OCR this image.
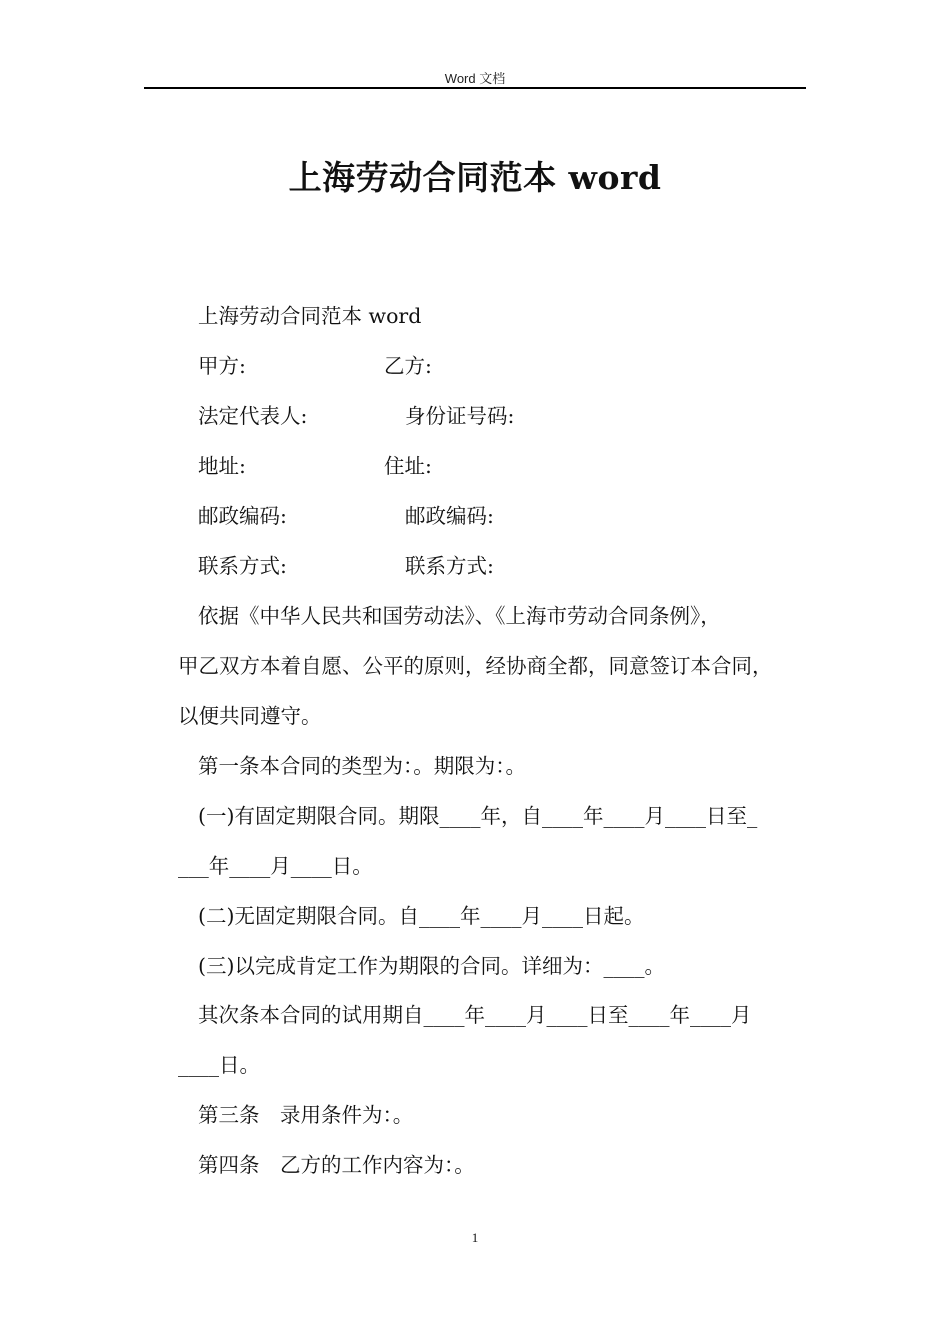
Word 文档
上海劳动合同范本 word
上海劳动合同范本 word
甲方:	乙方:
法定代表人:	身份证号码:
地址:	住址:
邮政编码:	邮政编码:
联系方式:	联系方式:
依据《中华人民共和国劳动法》、《上海市劳动合同条例》，
甲乙双方本着自愿、公平的原则，经协商全都，同意签订本合同，
以便共同遵守。
第一条本合同的类型为：。期限为：。
(一)有固定期限合同。期限____年，自____年____月____日至_
___年____月____日。
(二)无固定期限合同。自____年____月____日起。
(三)以完成肯定工作为期限的合同。详细为：____。
其次条本合同的试用期自____年____月____日至____年____月
____日。
第三条　录用条件为：。
第四条　乙方的工作内容为：。
1
